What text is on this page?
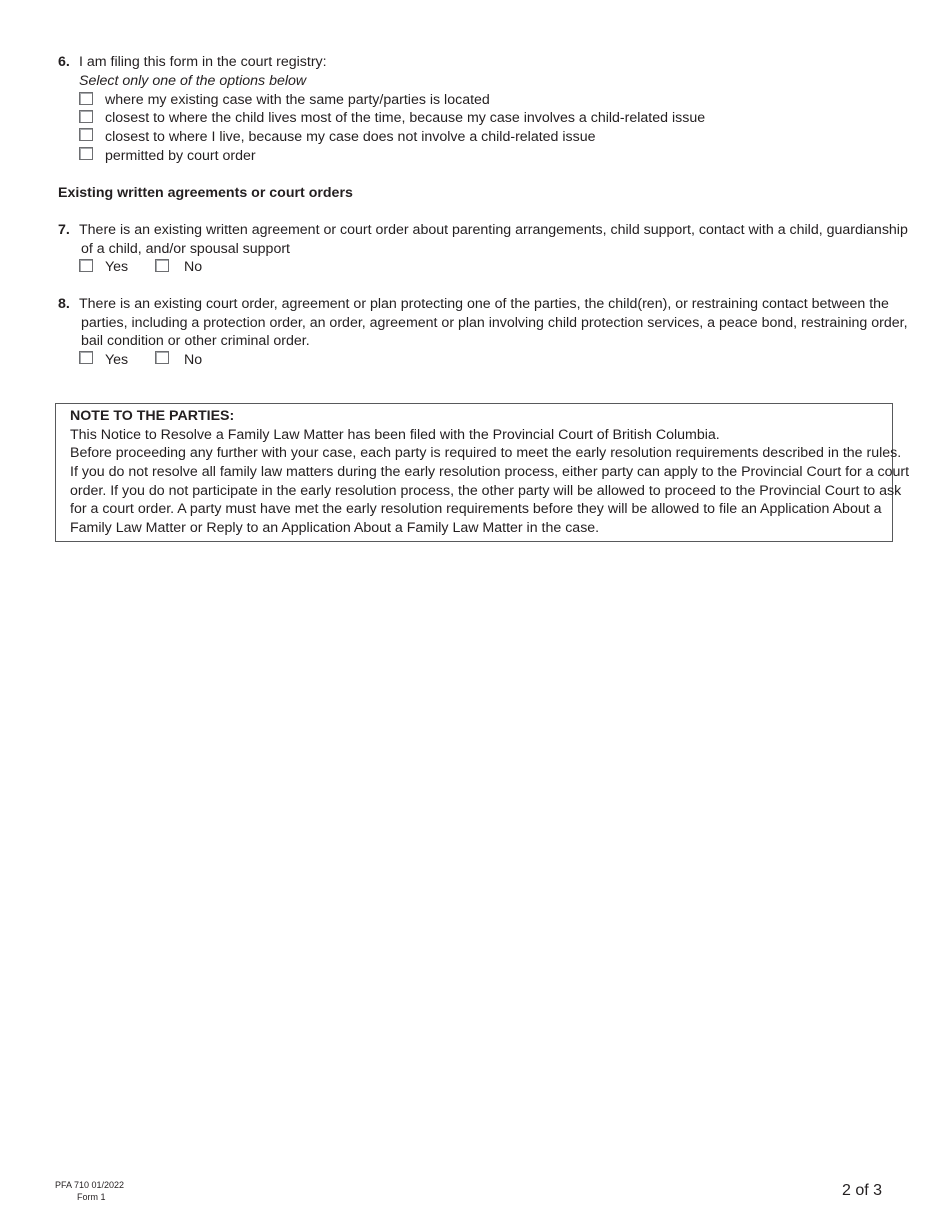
6. I am filing this form in the court registry:
Select only one of the options below
where my existing case with the same party/parties is located
closest to where the child lives most of the time, because my case involves a child-related issue
closest to where I live, because my case does not involve a child-related issue
permitted by court order
Existing written agreements or court orders
7. There is an existing written agreement or court order about parenting arrangements, child support, contact with a child, guardianship
of a child, and/or spousal support
Yes	No
8. There is an existing court order, agreement or plan protecting one of the parties, the child(ren), or restraining contact between the
parties, including a protection order, an order, agreement or plan involving child protection services, a peace bond, restraining order,
bail condition or other criminal order.
Yes	No
NOTE TO THE PARTIES:
This Notice to Resolve a Family Law Matter has been filed with the Provincial Court of British Columbia.
Before proceeding any further with your case, each party is required to meet the early resolution requirements described in the rules.
If you do not resolve all family law matters during the early resolution process, either party can apply to the Provincial Court for a court
order. If you do not participate in the early resolution process, the other party will be allowed to proceed to the Provincial Court to ask
for a court order. A party must have met the early resolution requirements before they will be allowed to file an Application About a
Family Law Matter or Reply to an Application About a Family Law Matter in the case.
PFA 710 01/2022
Form 1	2 of 3
